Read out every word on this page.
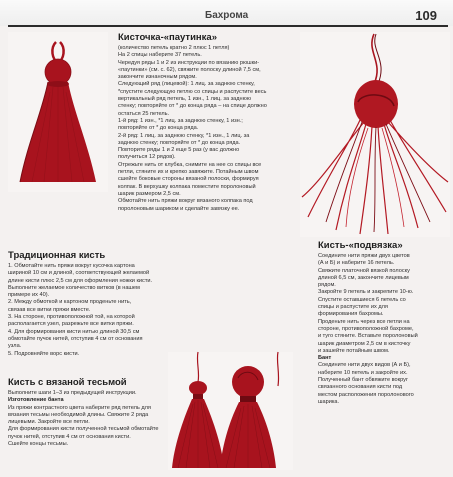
Бахрома	109
Кисточка-«паутинка»

(количество петель кратно 2 плюс 1 петля)

На 2 спицы наберите 37 петель.

Чередуя ряды 1 и 2 из инструкции по вязанию рюшки-

«паутинки» (см. с. 62), свяжите полоску длиной 7,5 см,

закончите изнаночным рядом.

Следующий ряд (лицевой): 1 лиц. за заднюю стенку,

*спустите следующую петлю со спицы и распустите весь

вертикальный ряд петель, 1 изн., 1 лиц. за заднюю

стенку; повторяйте от * до конца ряда – на спице должно

остаться 25 петель.

1-й ряд: 1 изн., *1 лиц. за заднюю стенку, 1 изн.;

повторяйте от * до конца ряда.

2-й ряд: 1 лиц. за заднюю стенку, *1 изн., 1 лиц. за

заднюю стенку; повторяйте от * до конца ряда.

Повторите ряды 1 и 2 еще 5 раз (у вас должно

получиться 12 рядов).

Отрежьте нить от клубка, снимите на нее со спицы все

петли, стяните их и крепко завяжите. Потайным швом

сшейте боковые стороны вязаной полоски, формируя

колпак. В верхушку колпака поместите поролоновый

шарик размером 2,5 см.

Обмотайте нить пряжи вокруг вязаного колпака под

поролоновым шариком и сделайте завязку ее.

Традиционная кисть

1. Обмотайте нить пряжи вокруг кусочка картона

шириной 10 см и длиной, соответствующей желаемой

длине кисти плюс 2,5 см для оформления ножки кисти.

Выполните желаемое количество витков (в нашем

примере их 40).

2. Между обмоткой и картоном проденьте нить,

связав все витки пряжи вместе.

3. На стороне, противоположной той, на которой

располагается узел, разрежьте все витки пряжи.

4. Для формирования кисти нитью длиной 30,5 см

обмотайте пучок нитей, отступив 4 см от основания

узла.

5. Подровняйте ворс кисти.

Кисть с вязаной тесьмой

Выполните шаги 1–3 из предыдущей инструкции.

Изготовление банта

Из пряжи контрастного цвета наберите ряд петель для

вязания тесьмы необходимой длины. Свяжите 2 ряда

лицевыми. Закройте все петли.

Для формирования кисти полученной тесьмой обмотайте

пучок нитей, отступив 4 см от основания кисти.

Сшейте концы тесьмы.

Кисть-«подвязка»

Соедините нити пряжи двух цветов

(А и Б) и наберите 16 петель.

Свяжите платочной вязкой полоску

длиной 6,5 см, закончите лицевым

рядом.

Закройте 9 петель и закрепите 10-ю.

Спустите оставшиеся 6 петель со

спицы и распустите их для

формирования бахромы.

Проденьте нить через все петли на

стороне, противоположной бахроме,

и туго стяните. Вставьте поролоновый

шарик диаметром 2,5 см в кисточку

и зашейте потайным швом.

Бант

Соедините нити двух видов (А и Б),

наберите 10 петель и закройте их.

Полученный бант обвяжите вокруг

связанного основания кисти под

местом расположения поролонового

шарика.
